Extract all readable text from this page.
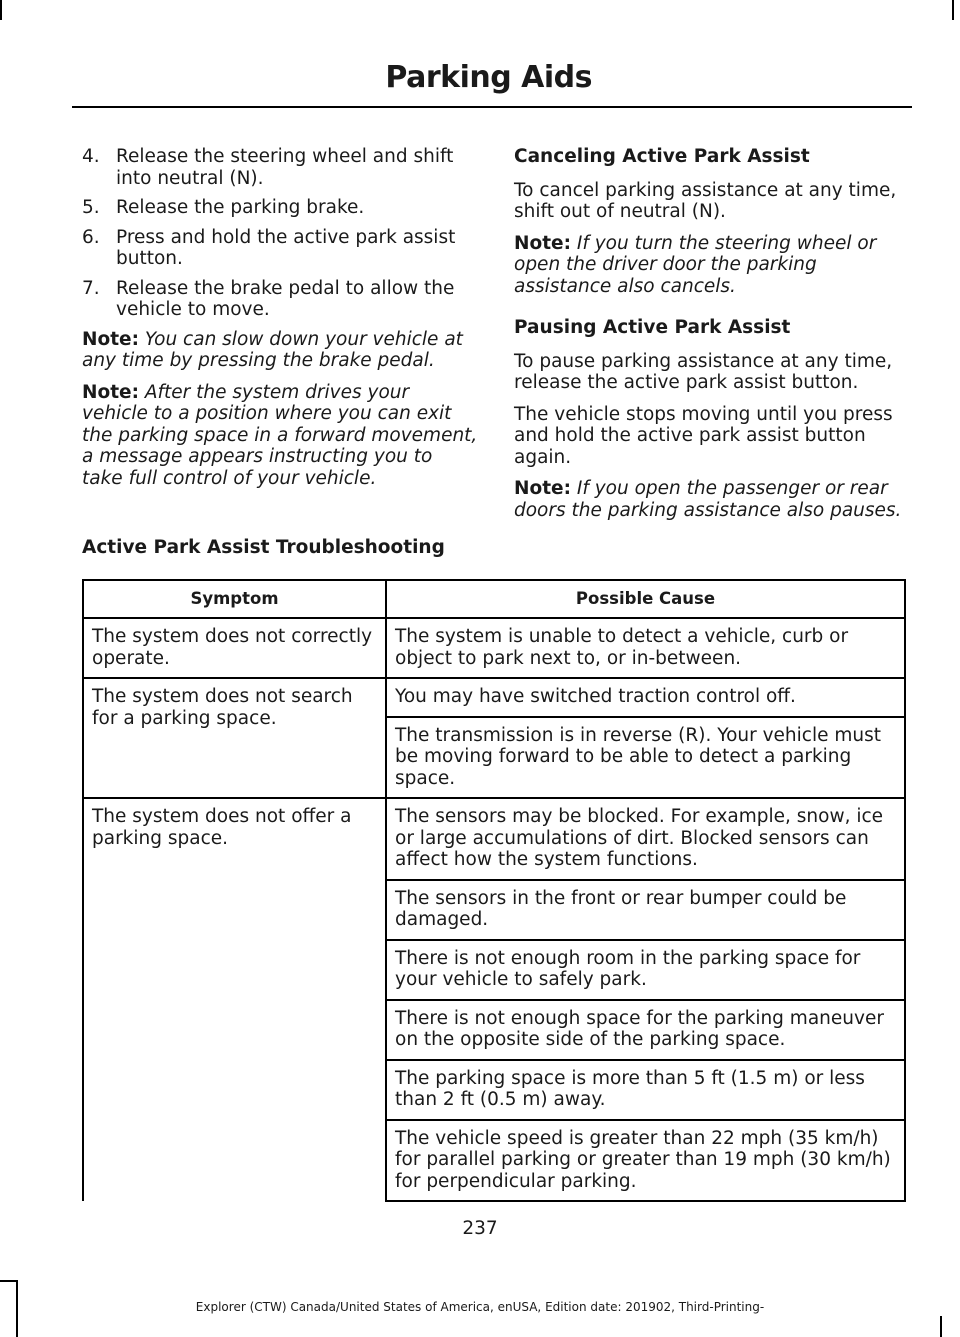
Parking Aids
4. Release the steering wheel and shift into neutral (N).
5. Release the parking brake.
6. Press and hold the active park assist button.
7. Release the brake pedal to allow the vehicle to move.

Note: You can slow down your vehicle at any time by pressing the brake pedal.

Note: After the system drives your vehicle to a position where you can exit the parking space in a forward movement, a message appears instructing you to take full control of your vehicle.

Canceling Active Park Assist

To cancel parking assistance at any time, shift out of neutral (N).

Note: If you turn the steering wheel or open the driver door the parking assistance also cancels.

Pausing Active Park Assist

To pause parking assistance at any time, release the active park assist button.

The vehicle stops moving until you press and hold the active park assist button again.

Note: If you open the passenger or rear doors the parking assistance also pauses.

Active Park Assist Troubleshooting
Symptom	Possible Cause
The system does not correctly operate.	The system is unable to detect a vehicle, curb or object to park next to, or in-between.
The system does not search for a parking space.	You may have switched traction control off.
	The transmission is in reverse (R). Your vehicle must be moving forward to be able to detect a parking space.
The system does not offer a parking space.	The sensors may be blocked. For example, snow, ice or large accumulations of dirt. Blocked sensors can affect how the system functions.
	The sensors in the front or rear bumper could be damaged.
	There is not enough room in the parking space for your vehicle to safely park.
	There is not enough space for the parking maneuver on the opposite side of the parking space.
	The parking space is more than 5 ft (1.5 m) or less than 2 ft (0.5 m) away.
	The vehicle speed is greater than 22 mph (35 km/h) for parallel parking or greater than 19 mph (30 km/h) for perpendicular parking.
237
Explorer (CTW) Canada/United States of America, enUSA, Edition date: 201902, Third-Printing-
